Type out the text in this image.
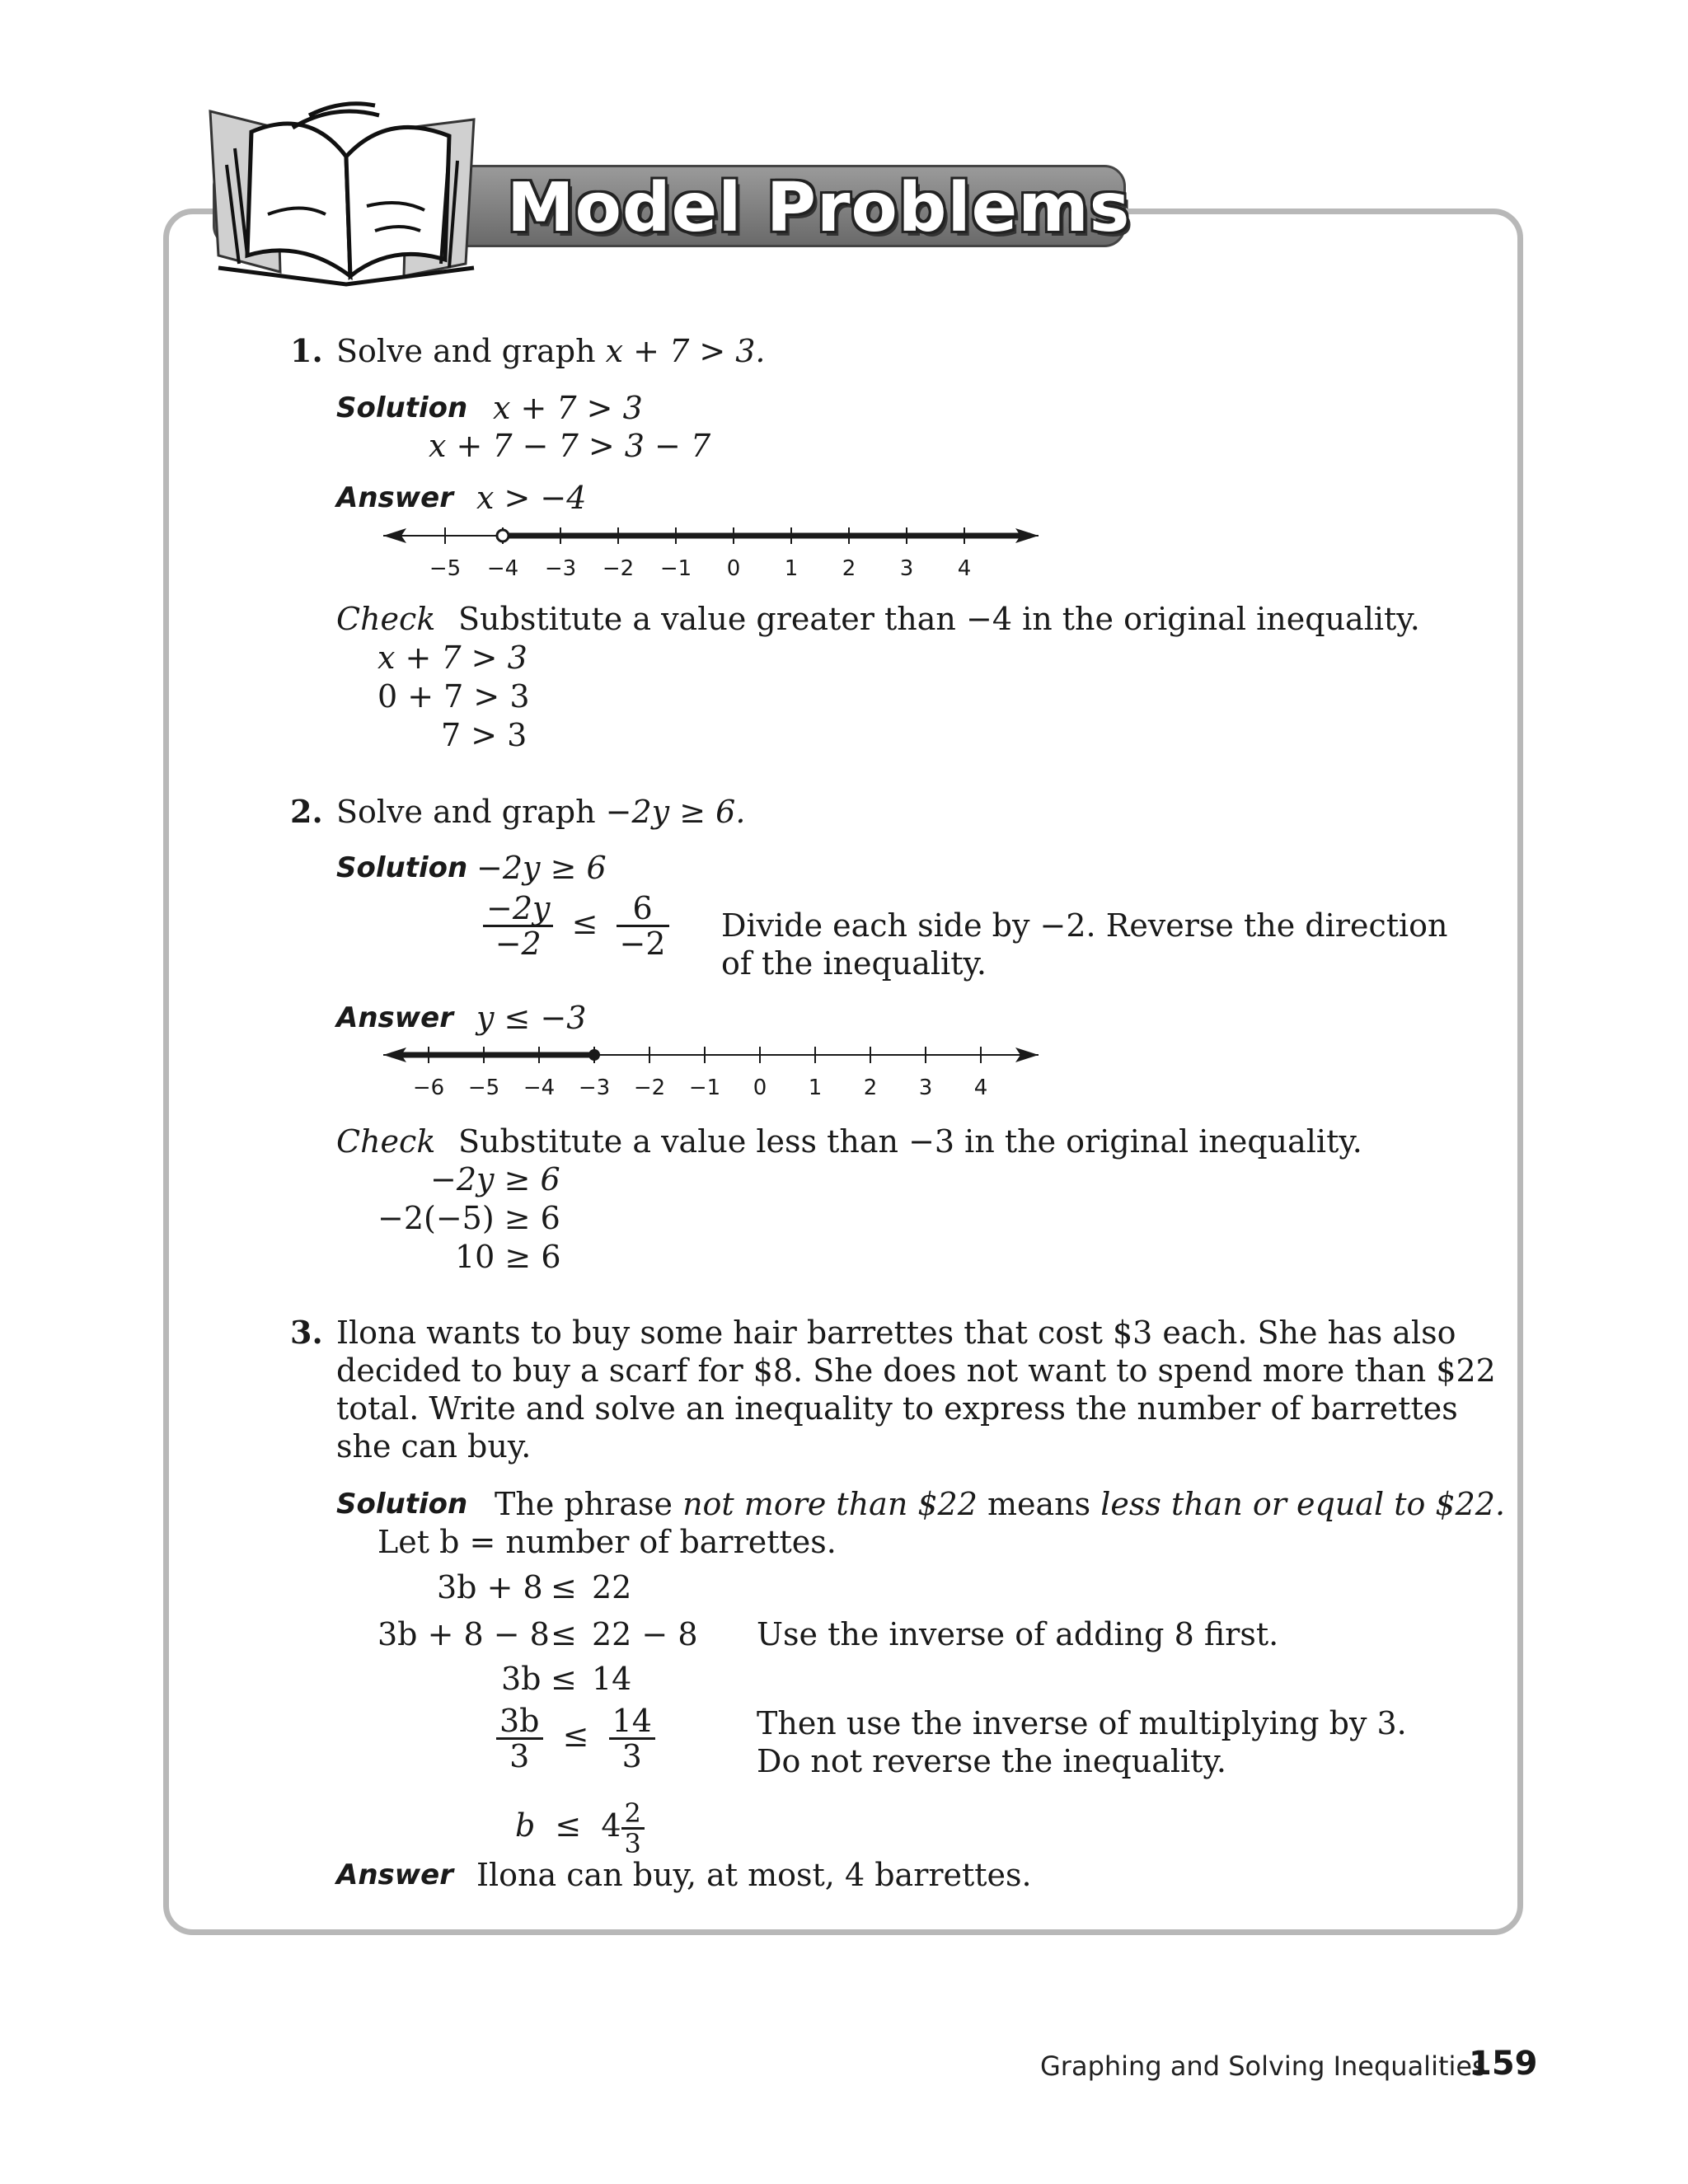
Model Problems
1. Solve and graph x + 7 > 3.
Solution x + 7 > 3
x + 7 − 7 > 3 − 7
Answer x > −4
−5 −4 −3 −2 −1 0 1 2 3 4
Check Substitute a value greater than −4 in the original inequality.
x + 7 > 3
0 + 7 > 3
7 > 3
2. Solve and graph −2y ≥ 6.
Solution −2y ≥ 6
$\frac{-2y}{-2} \le \frac{6}{-2}$ Divide each side by −2. Reverse the direction
of the inequality.
Answer y ≤ −3
−6 −5 −4 −3 −2 −1 0 1 2 3 4
Check Substitute a value less than −3 in the original inequality.
−2y ≥ 6
−2(−5) ≥ 6
10 ≥ 6
3. Ilona wants to buy some hair barrettes that cost $3 each. She has also
decided to buy a scarf for $8. She does not want to spend more than $22
total. Write and solve an inequality to express the number of barrettes
she can buy.
Solution The phrase not more than $22 means less than or equal to $22.
Let b = number of barrettes.
3b + 8 ≤ 22
3b + 8 − 8 ≤ 22 − 8 Use the inverse of adding 8 first.
3b ≤ 14
$\frac{3b}{3} \le \frac{14}{3}$	Then use the inverse of multiplying by 3.
Do not reverse the inequality.
$b \le 4 \frac{2}{3}$
Answer Ilona can buy, at most, 4 barrettes.
Graphing and Solving Inequalities
159
